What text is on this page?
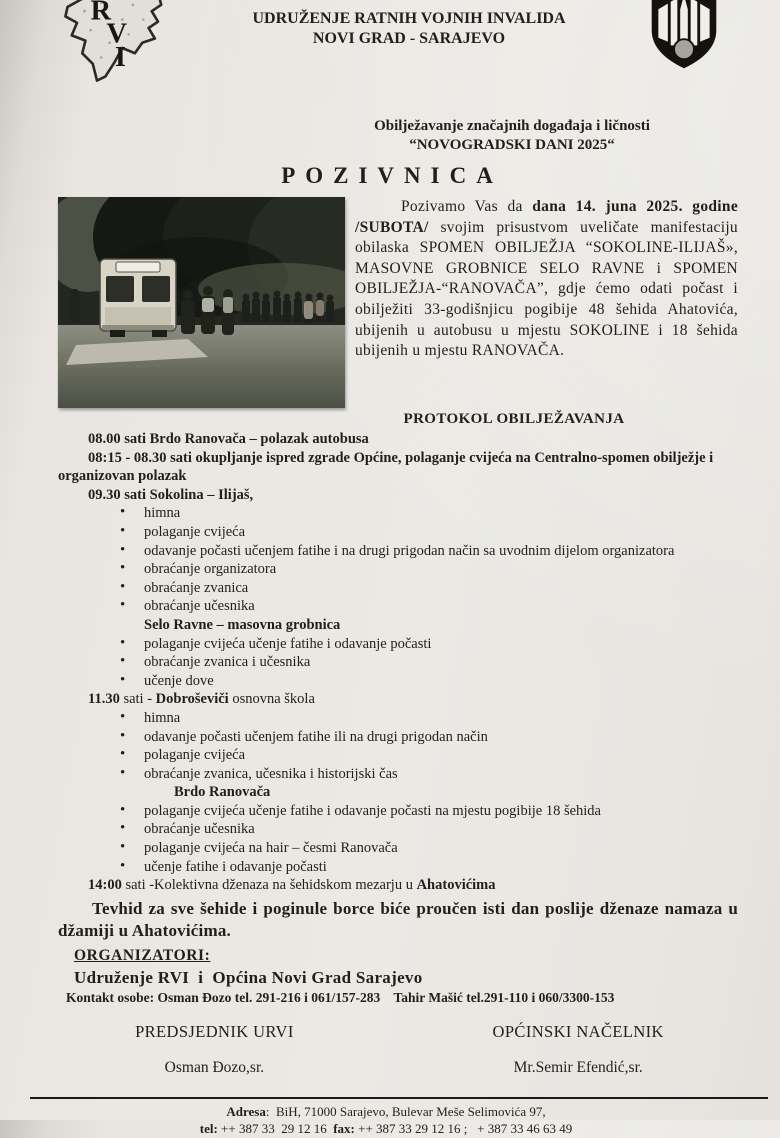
R
V
I
UDRUŽENJE RATNIH VOJNIH INVALIDA
NOVI GRAD - SARAJEVO
Obilježavanje značajnih događaja i ličnosti
“NOVOGRADSKI DANI 2025“
POZIVNICA

Pozivamo Vas da dana 14. juna 2025. godine /SUBOTA/ svojim prisustvom uveličate manifestaciju obilaska SPOMEN OBILJEŽJA “SOKOLINE-ILIJAŠ», MASOVNE GROBNICE SELO RAVNE i SPOMEN OBILJEŽJA-“RANOVAČA”, gdje ćemo odati počast i obilježiti 33-godišnjicu pogibije 48 šehida Ahatovića, ubijenih u autobusu u mjestu SOKOLINE i 18 šehida ubijenih u mjestu RANOVAČA.

PROTOKOL OBILJEŽAVANJA
08.00 sati Brdo Ranovača – polazak autobusa
08:15 - 08.30 sati okupljanje ispred zgrade Općine, polaganje cvijeća na Centralno-spomen obilježje i organizovan polazak
09.30 sati Sokolina – Ilijaš,
• himna
• polaganje cvijeća
• odavanje počasti učenjem fatihe i na drugi prigodan način sa uvodnim dijelom organizatora
• obraćanje organizatora
• obraćanje zvanica
• obraćanje učesnika
Selo Ravne – masovna grobnica
• polaganje cvijeća učenje fatihe i odavanje počasti
• obraćanje zvanica i učesnika
• učenje dove
11.30 sati - Dobroševiči osnovna škola
• himna
• odavanje počasti učenjem fatihe ili na drugi prigodan način
• polaganje cvijeća
• obraćanje zvanica, učesnika i historijski čas
Brdo Ranovača
• polaganje cvijeća učenje fatihe i odavanje počasti na mjestu pogibije 18 šehida
• obraćanje učesnika
• polaganje cvijeća na hair – česmi Ranovača
• učenje fatihe i odavanje počasti
14:00 sati -Kolektivna dženaza na šehidskom mezarju u Ahatovićima

Tevhid za sve šehide i poginule borce biće proučen isti dan poslije dženaze namaza u džamiji u Ahatovićima.

ORGANIZATORI:
Udruženje RVI  i  Općina Novi Grad Sarajevo
Kontakt osobe: Osman Đozo tel. 291-216 i 061/157-283    Tahir Mašić tel.291-110 i 060/3300-153
PREDSJEDNIK URVI
Osman Đozo,sr.
OPĆINSKI NAČELNIK
Mr.Semir Efendić,sr.
Adresa:  BiH, 71000 Sarajevo, Bulevar Meše Selimovića 97,
tel: ++ 387 33  29 12 16  fax: ++ 387 33 29 12 16 ;   + 387 33 46 63 49
